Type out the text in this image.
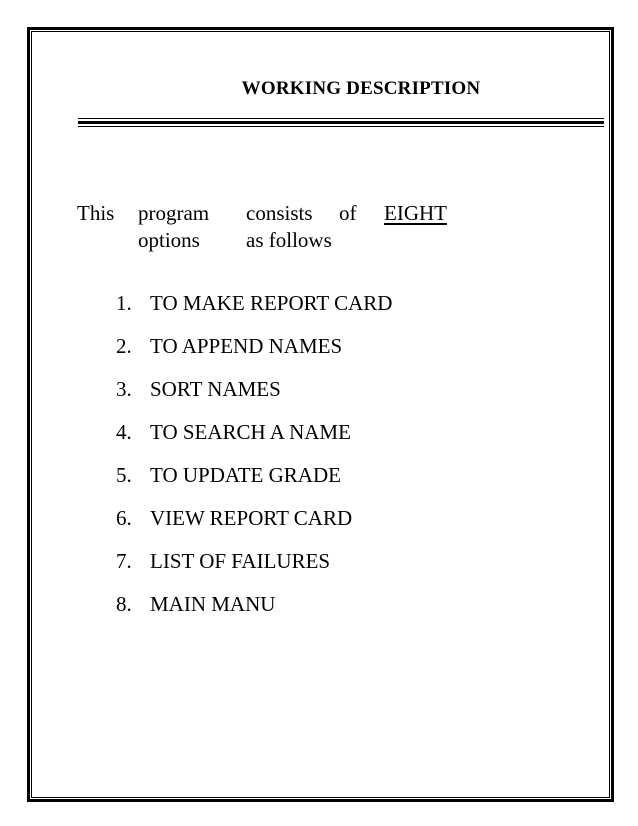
WORKING DESCRIPTION
This program consists of EIGHT
options as follows
1. TO MAKE REPORT CARD
2. TO APPEND NAMES
3. SORT NAMES
4. TO SEARCH A NAME
5. TO UPDATE GRADE
6. VIEW REPORT CARD
7. LIST OF FAILURES
8. MAIN MANU
